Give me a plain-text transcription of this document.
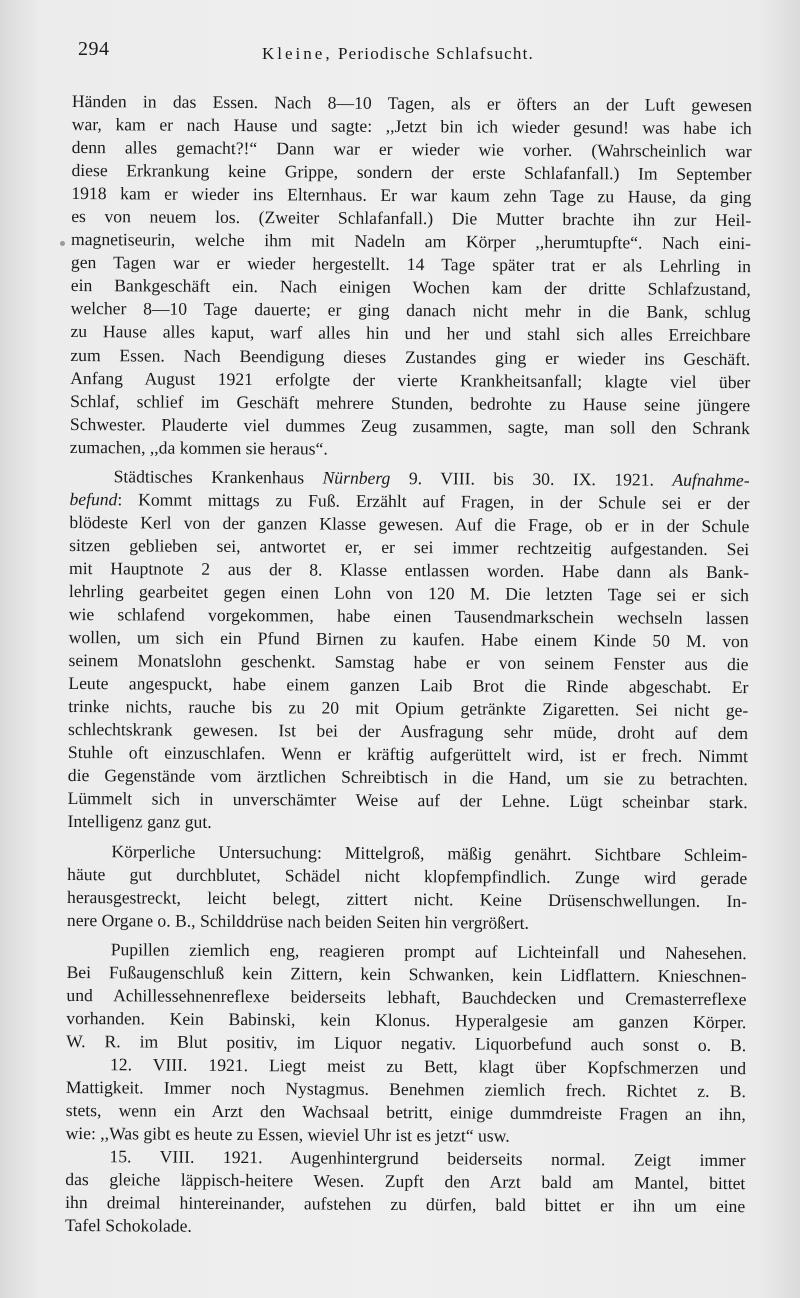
294	Kleine, Periodische Schlafsucht.

Händen in das Essen. Nach 8—10 Tagen, als er öfters an der Luft gewesen
war, kam er nach Hause und sagte: ,,Jetzt bin ich wieder gesund! was habe ich
denn alles gemacht?!“ Dann war er wieder wie vorher. (Wahrscheinlich war
diese Erkrankung keine Grippe, sondern der erste Schlafanfall.) Im September
1918 kam er wieder ins Elternhaus. Er war kaum zehn Tage zu Hause, da ging
es von neuem los. (Zweiter Schlafanfall.) Die Mutter brachte ihn zur Heil-
magnetiseurin, welche ihm mit Nadeln am Körper ,,herumtupfte“. Nach eini-
gen Tagen war er wieder hergestellt. 14 Tage später trat er als Lehrling in
ein Bankgeschäft ein. Nach einigen Wochen kam der dritte Schlafzustand,
welcher 8—10 Tage dauerte; er ging danach nicht mehr in die Bank, schlug
zu Hause alles kaput, warf alles hin und her und stahl sich alles Erreichbare
zum Essen. Nach Beendigung dieses Zustandes ging er wieder ins Geschäft.
Anfang August 1921 erfolgte der vierte Krankheitsanfall; klagte viel über
Schlaf, schlief im Geschäft mehrere Stunden, bedrohte zu Hause seine jüngere
Schwester. Plauderte viel dummes Zeug zusammen, sagte, man soll den Schrank
zumachen, ,,da kommen sie heraus“.

Städtisches Krankenhaus Nürnberg 9. VIII. bis 30. IX. 1921. Aufnahme-
befund: Kommt mittags zu Fuß. Erzählt auf Fragen, in der Schule sei er der
blödeste Kerl von der ganzen Klasse gewesen. Auf die Frage, ob er in der Schule
sitzen geblieben sei, antwortet er, er sei immer rechtzeitig aufgestanden. Sei
mit Hauptnote 2 aus der 8. Klasse entlassen worden. Habe dann als Bank-
lehrling gearbeitet gegen einen Lohn von 120 M. Die letzten Tage sei er sich
wie schlafend vorgekommen, habe einen Tausendmarkschein wechseln lassen
wollen, um sich ein Pfund Birnen zu kaufen. Habe einem Kinde 50 M. von
seinem Monatslohn geschenkt. Samstag habe er von seinem Fenster aus die
Leute angespuckt, habe einem ganzen Laib Brot die Rinde abgeschabt. Er
trinke nichts, rauche bis zu 20 mit Opium getränkte Zigaretten. Sei nicht ge-
schlechtskrank gewesen. Ist bei der Ausfragung sehr müde, droht auf dem
Stuhle oft einzuschlafen. Wenn er kräftig aufgerüttelt wird, ist er frech. Nimmt
die Gegenstände vom ärztlichen Schreibtisch in die Hand, um sie zu betrachten.
Lümmelt sich in unverschämter Weise auf der Lehne. Lügt scheinbar stark.
Intelligenz ganz gut.

Körperliche Untersuchung: Mittelgroß, mäßig genährt. Sichtbare Schleim-
häute gut durchblutet, Schädel nicht klopfempfindlich. Zunge wird gerade
herausgestreckt, leicht belegt, zittert nicht. Keine Drüsenschwellungen. In-
nere Organe o. B., Schilddrüse nach beiden Seiten hin vergrößert.

Pupillen ziemlich eng, reagieren prompt auf Lichteinfall und Nahesehen.
Bei Fußaugenschluß kein Zittern, kein Schwanken, kein Lidflattern. Knieschnen-
und Achillessehnenreflexe beiderseits lebhaft, Bauchdecken und Cremasterreflexe
vorhanden. Kein Babinski, kein Klonus. Hyperalgesie am ganzen Körper.
W. R. im Blut positiv, im Liquor negativ. Liquorbefund auch sonst o. B.

12. VIII. 1921. Liegt meist zu Bett, klagt über Kopfschmerzen und
Mattigkeit. Immer noch Nystagmus. Benehmen ziemlich frech. Richtet z. B.
stets, wenn ein Arzt den Wachsaal betritt, einige dummdreiste Fragen an ihn,
wie: ,,Was gibt es heute zu Essen, wieviel Uhr ist es jetzt“ usw.

15. VIII. 1921. Augenhintergrund beiderseits normal. Zeigt immer
das gleiche läppisch-heitere Wesen. Zupft den Arzt bald am Mantel, bittet
ihn dreimal hintereinander, aufstehen zu dürfen, bald bittet er ihn um eine
Tafel Schokolade.
